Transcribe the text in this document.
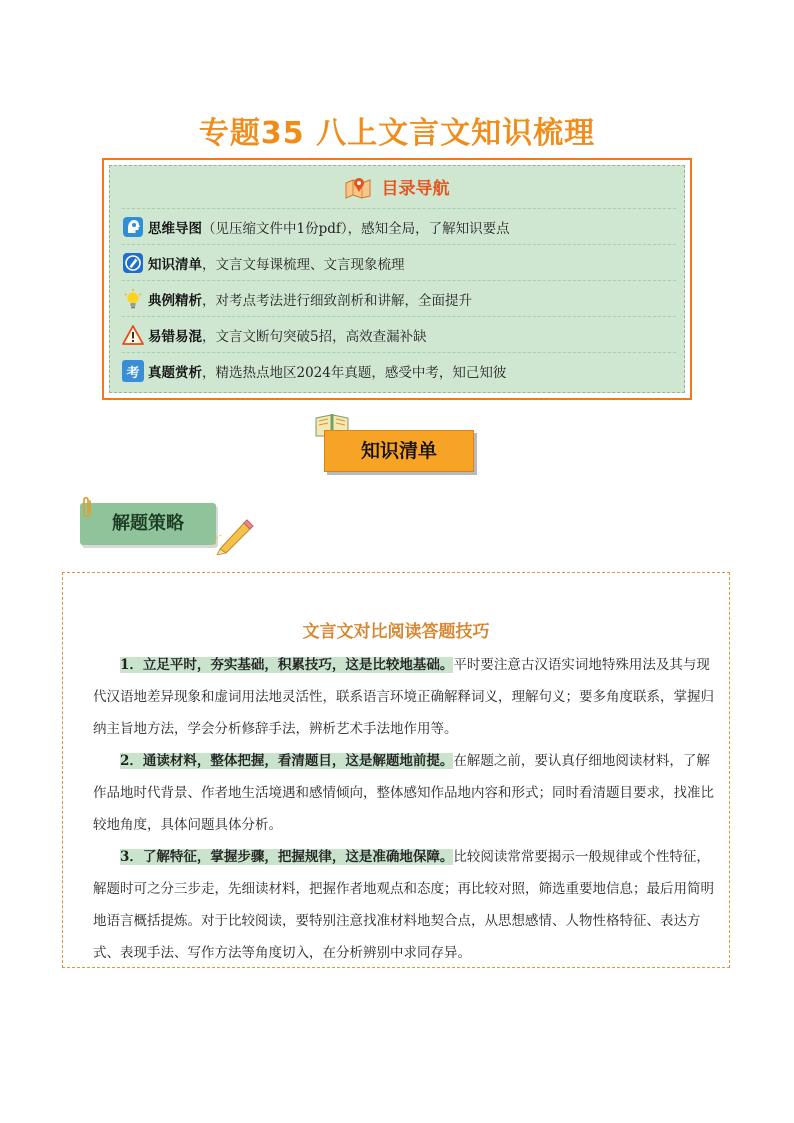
专题35 八上文言文知识梳理
目录导航
思维导图 （见压缩文件中1份pdf），感知全局，了解知识要点
知识清单 ，文言文每课梳理、文言现象梳理
典例精析 ，对考点考法进行细致剖析和讲解，全面提升
易错易混 ，文言文断句突破5招，高效查漏补缺
考 真题赏析 ，精选热点地区2024年真题，感受中考，知己知彼
知识清单
解题策略
文言文对比阅读答题技巧
1．立足平时，夯实基础，积累技巧，这是比较地基础。平时要注意古汉语实词地特殊用法及其与现代汉语地差异现象和虚词用法地灵活性，联系语言环境正确解释词义，理解句义；要多角度联系，掌握归纳主旨地方法，学会分析修辞手法，辨析艺术手法地作用等。
2．通读材料，整体把握，看清题目，这是解题地前提。在解题之前，要认真仔细地阅读材料，了解作品地时代背景、作者地生活境遇和感情倾向，整体感知作品地内容和形式；同时看清题目要求，找准比较地角度，具体问题具体分析。
3．了解特征，掌握步骤，把握规律，这是准确地保障。比较阅读常常要揭示一般规律或个性特征，解题时可之分三步走，先细读材料，把握作者地观点和态度；再比较对照，筛选重要地信息；最后用简明地语言概括提炼。对于比较阅读，要特别注意找准材料地契合点，从思想感情、人物性格特征、表达方式、表现手法、写作方法等角度切入，在分析辨别中求同存异。
